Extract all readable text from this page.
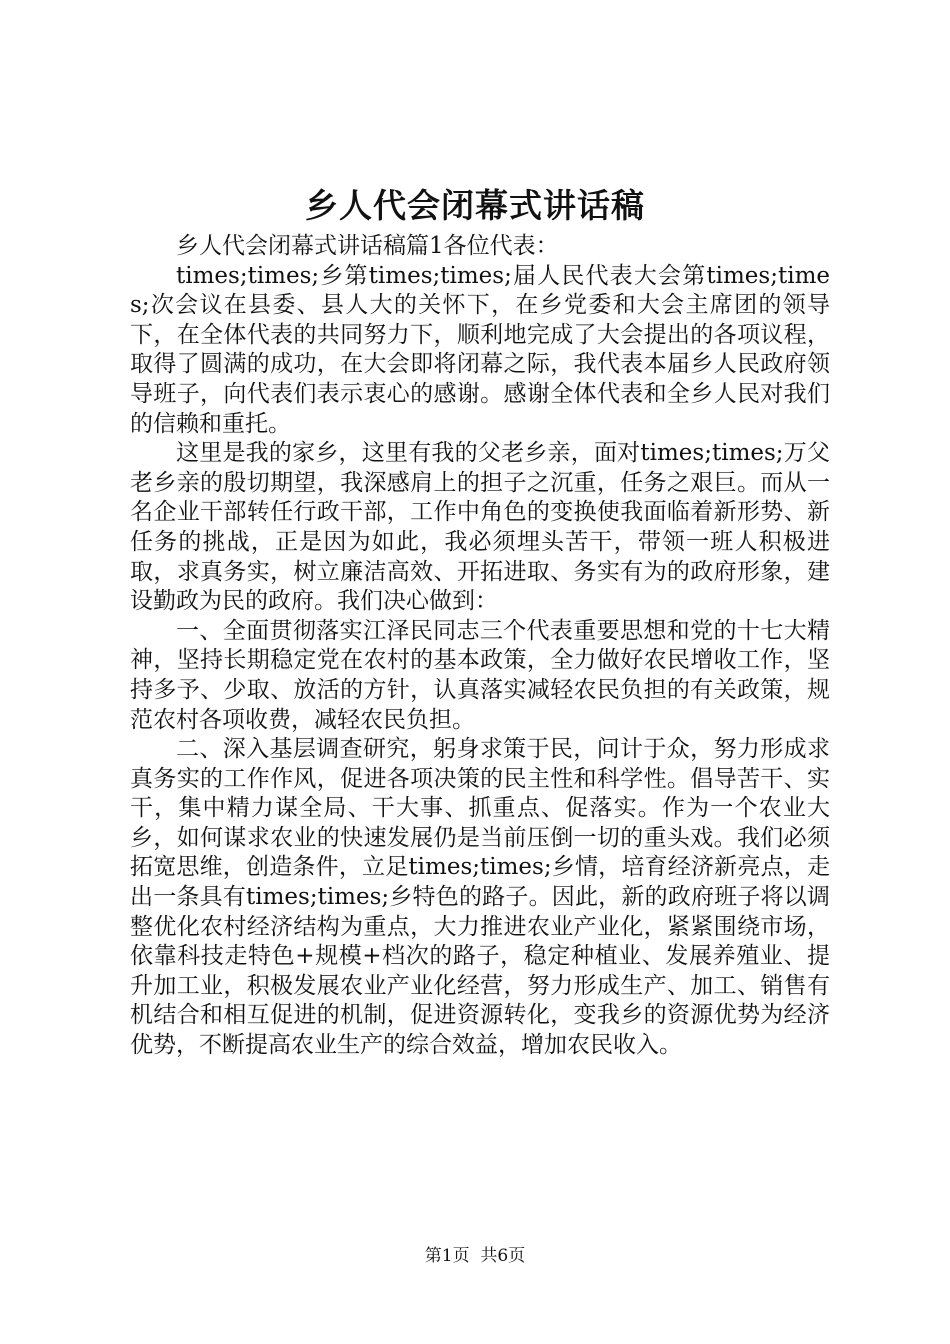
乡人代会闭幕式讲话稿

乡人代会闭幕式讲话稿篇1各位代表：

times;times;乡第times;times;届人民代表大会第times;times;次会议在县委、县人大的关怀下，在乡党委和大会主席团的领导下，在全体代表的共同努力下，顺利地完成了大会提出的各项议程，取得了圆满的成功，在大会即将闭幕之际，我代表本届乡人民政府领导班子，向代表们表示衷心的感谢。感谢全体代表和全乡人民对我们的信赖和重托。

这里是我的家乡，这里有我的父老乡亲，面对times;times;万父老乡亲的殷切期望，我深感肩上的担子之沉重，任务之艰巨。而从一名企业干部转任行政干部，工作中角色的变换使我面临着新形势、新任务的挑战，正是因为如此，我必须埋头苦干，带领一班人积极进取，求真务实，树立廉洁高效、开拓进取、务实有为的政府形象，建设勤政为民的政府。我们决心做到：

一、全面贯彻落实江泽民同志三个代表重要思想和党的十七大精神，坚持长期稳定党在农村的基本政策，全力做好农民增收工作，坚持多予、少取、放活的方针，认真落实减轻农民负担的有关政策，规范农村各项收费，减轻农民负担。

二、深入基层调查研究，躬身求策于民，问计于众，努力形成求真务实的工作作风，促进各项决策的民主性和科学性。倡导苦干、实干，集中精力谋全局、干大事、抓重点、促落实。作为一个农业大乡，如何谋求农业的快速发展仍是当前压倒一切的重头戏。我们必须拓宽思维，创造条件，立足times;times;乡情，培育经济新亮点，走出一条具有times;times;乡特色的路子。因此，新的政府班子将以调整优化农村经济结构为重点，大力推进农业产业化，紧紧围绕市场，依靠科技走特色+规模+档次的路子，稳定种植业、发展养殖业、提升加工业，积极发展农业产业化经营，努力形成生产、加工、销售有机结合和相互促进的机制，促进资源转化，变我乡的资源优势为经济优势，不断提高农业生产的综合效益，增加农民收入。

第1页  共6页
